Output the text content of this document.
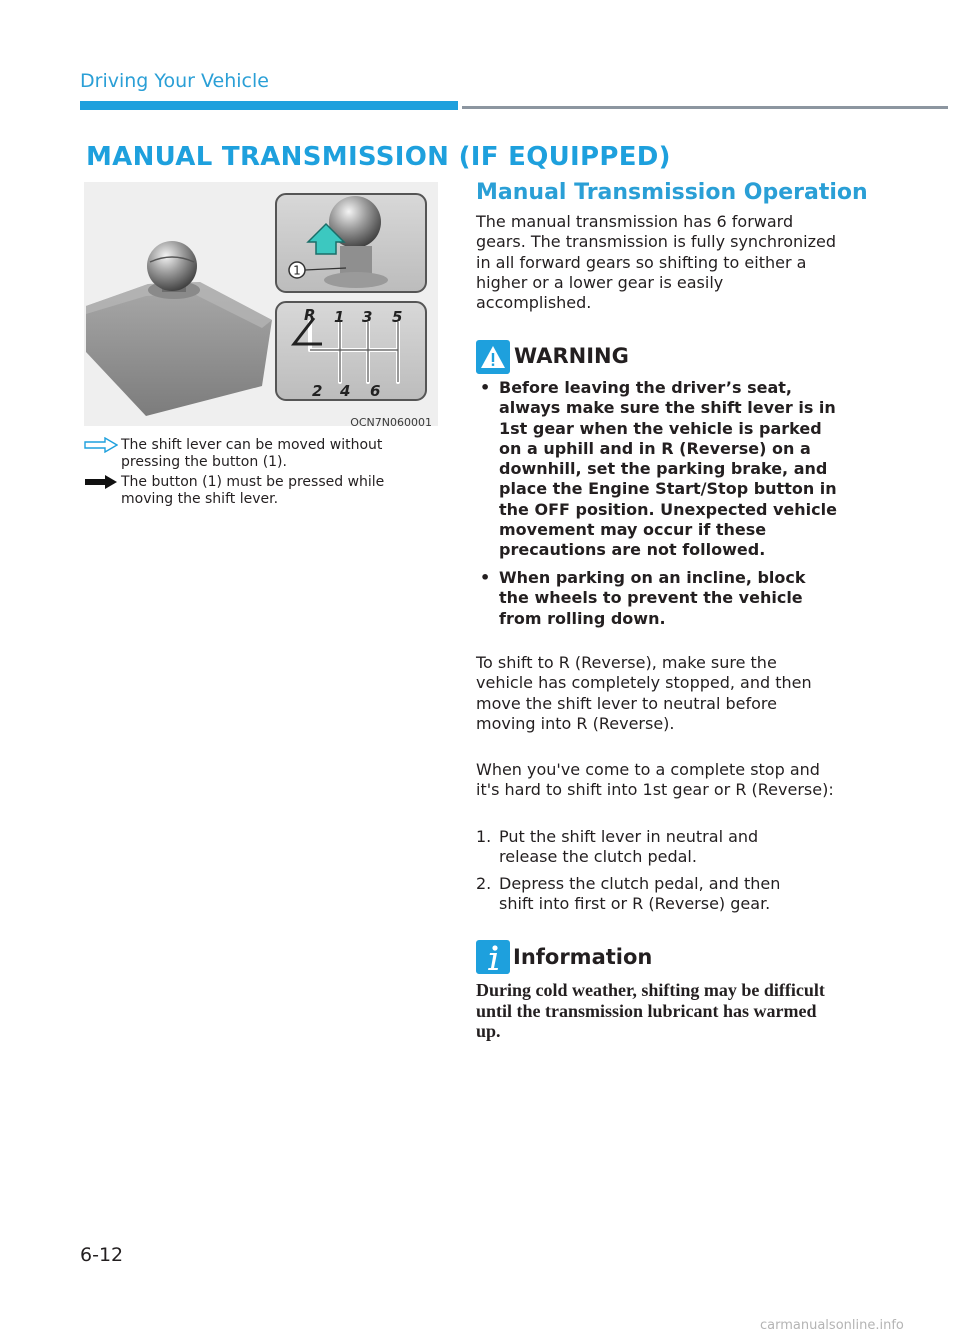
Driving Your Vehicle
MANUAL TRANSMISSION (IF EQUIPPED)
1
R 1 3 5
2 4 6
OCN7N060001
The shift lever can be moved without pressing the button (1).
The button (1) must be pressed while moving the shift lever.
Manual Transmission Operation
The manual transmission has 6 forward gears. The transmission is fully synchronized in all forward gears so shifting to either a higher or a lower gear is easily accomplished.
WARNING
• Before leaving the driver’s seat, always make sure the shift lever is in 1st gear when the vehicle is parked on a uphill and in R (Reverse) on a downhill, set the parking brake, and place the Engine Start/Stop button in the OFF position. Unexpected vehicle movement may occur if these precautions are not followed.
• When parking on an incline, block the wheels to prevent the vehicle from rolling down.
To shift to R (Reverse), make sure the vehicle has completely stopped, and then move the shift lever to neutral before moving into R (Reverse).
When you've come to a complete stop and it's hard to shift into 1st gear or R (Reverse):
1. Put the shift lever in neutral and release the clutch pedal.
2. Depress the clutch pedal, and then shift into first or R (Reverse) gear.
Information
During cold weather, shifting may be difficult until the transmission lubricant has warmed up.
6-12
carmanualsonline.info
